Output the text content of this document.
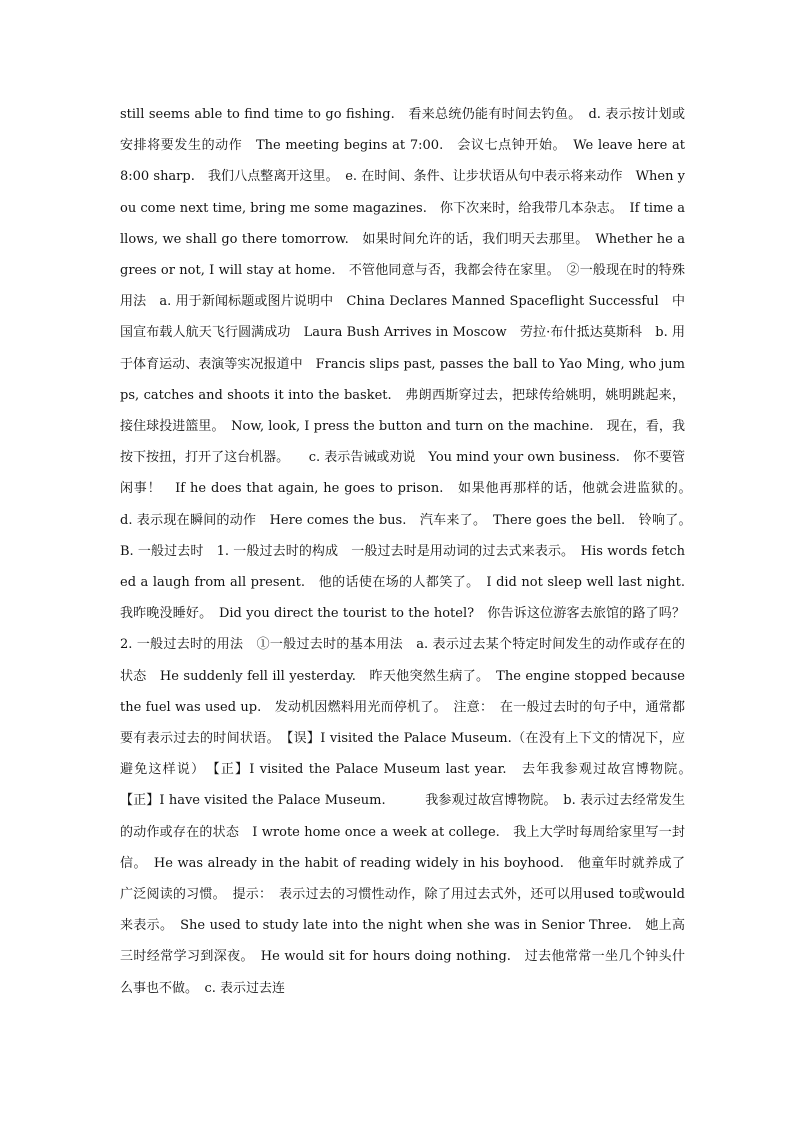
still seems able to find time to go fishing.　看来总统仍能有时间去钓鱼。　d. 表示按计划或安排将要发生的动作　The meeting begins at 7:00.　会议七点钟开始。　We leave here at 8:00 sharp.　我们八点整离开这里。　e. 在时间、条件、让步状语从句中表示将来动作　When you come next time, bring me some magazines.　你下次来时，给我带几本杂志。　If time allows, we shall go there tomorrow.　如果时间允许的话，我们明天去那里。　Whether he agrees or not, I will stay at home.　不管他同意与否，我都会待在家里。　②一般现在时的特殊用法　a. 用于新闻标题或图片说明中　China Declares Manned Spaceflight Successful　中国宣布载人航天飞行圆满成功　Laura Bush Arrives in Moscow　劳拉·布什抵达莫斯科　b. 用于体育运动、表演等实况报道中　Francis slips past, passes the ball to Yao Ming, who jumps, catches and shoots it into the basket.　弗朗西斯穿过去，把球传给姚明，姚明跳起来，接住球投进篮里。　Now, look, I press the button and turn on the machine.　现在，看，我按下按扭，打开了这台机器。　　c. 表示告诫或劝说　You mind your own business.　你不要管闲事！　If he does that again, he goes to prison.　如果他再那样的话，他就会进监狱的。　d. 表示现在瞬间的动作　Here comes the bus.　汽车来了。　There goes the bell.　铃响了。　B. 一般过去时　1. 一般过去时的构成　一般过去时是用动词的过去式来表示。　His words fetched a laugh from all present.　他的话使在场的人都笑了。　I did not sleep well last night.　我昨晚没睡好。　Did you direct the tourist to the hotel?　你告诉这位游客去旅馆的路了吗？　2. 一般过去时的用法　①一般过去时的基本用法　a. 表示过去某个特定时间发生的动作或存在的状态　He suddenly fell ill yesterday.　昨天他突然生病了。　The engine stopped because the fuel was used up.　发动机因燃料用光而停机了。　注意：　在一般过去时的句子中，通常都要有表示过去的时间状语。　【误】I visited the Palace Museum.（在没有上下文的情况下，应避免这样说）　【正】I visited the Palace Museum last year.　去年我参观过故宫博物院。　【正】I have visited the Palace Museum.　　　我参观过故宫博物院。　b. 表示过去经常发生的动作或存在的状态　I wrote home once a week at college.　我上大学时每周给家里写一封信。　He was already in the habit of reading widely in his boyhood.　他童年时就养成了广泛阅读的习惯。　提示：　表示过去的习惯性动作，除了用过去式外，还可以用used to或would来表示。　She used to study late into the night when she was in Senior Three.　她上高三时经常学习到深夜。　He would sit for hours doing nothing.　过去他常常一坐几个钟头什么事也不做。　c. 表示过去连
